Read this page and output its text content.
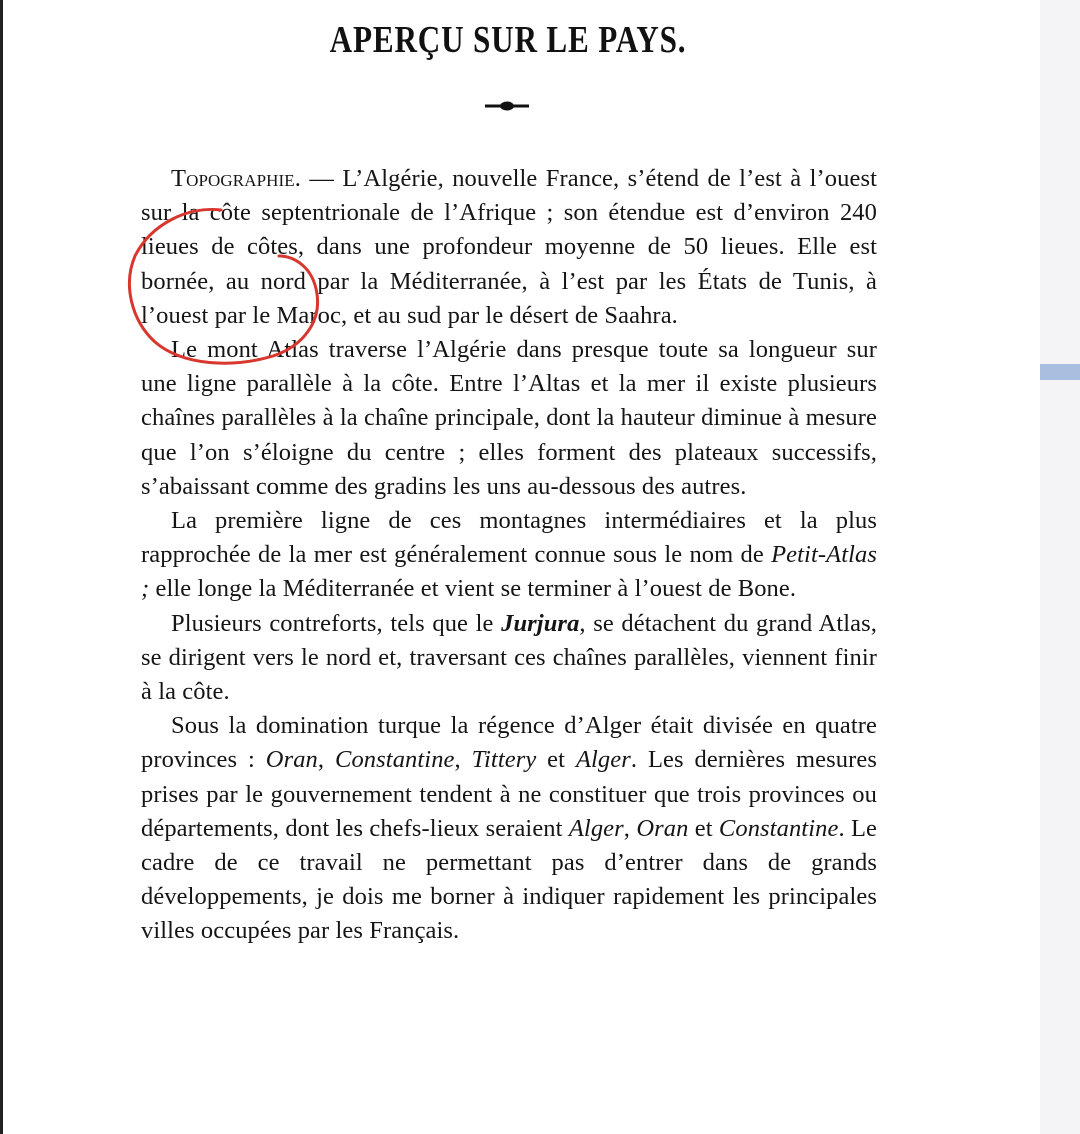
APERÇU SUR LE PAYS.

Topographie. — L’Algérie, nouvelle France, s’étend de l’est à l’ouest sur la côte septentrionale de l’Afrique ; son étendue est d’environ 240 lieues de côtes, dans une profondeur moyenne de 50 lieues. Elle est bornée, au nord par la Méditerranée, à l’est par les États de Tunis, à l’ouest par le Maroc, et au sud par le désert de Saahra.

Le mont Atlas traverse l’Algérie dans presque toute sa longueur sur une ligne parallèle à la côte. Entre l’Altas et la mer il existe plusieurs chaînes parallèles à la chaîne principale, dont la hauteur diminue à mesure que l’on s’éloigne du centre ; elles forment des plateaux successifs, s’abaissant comme des gradins les uns au-dessous des autres.

La première ligne de ces montagnes intermédiaires et la plus rapprochée de la mer est généralement connue sous le nom de Petit-Atlas ; elle longe la Méditerranée et vient se terminer à l’ouest de Bone.

Plusieurs contreforts, tels que le Jurjura, se détachent du grand Atlas, se dirigent vers le nord et, traversant ces chaînes parallèles, viennent finir à la côte.

Sous la domination turque la régence d’Alger était divisée en quatre provinces : Oran, Constantine, Tittery et Alger. Les dernières mesures prises par le gouvernement tendent à ne constituer que trois provinces ou départements, dont les chefs-lieux seraient Alger, Oran et Constantine. Le cadre de ce travail ne permettant pas d’entrer dans de grands développements, je dois me borner à indiquer rapidement les principales villes occupées par les Français.
